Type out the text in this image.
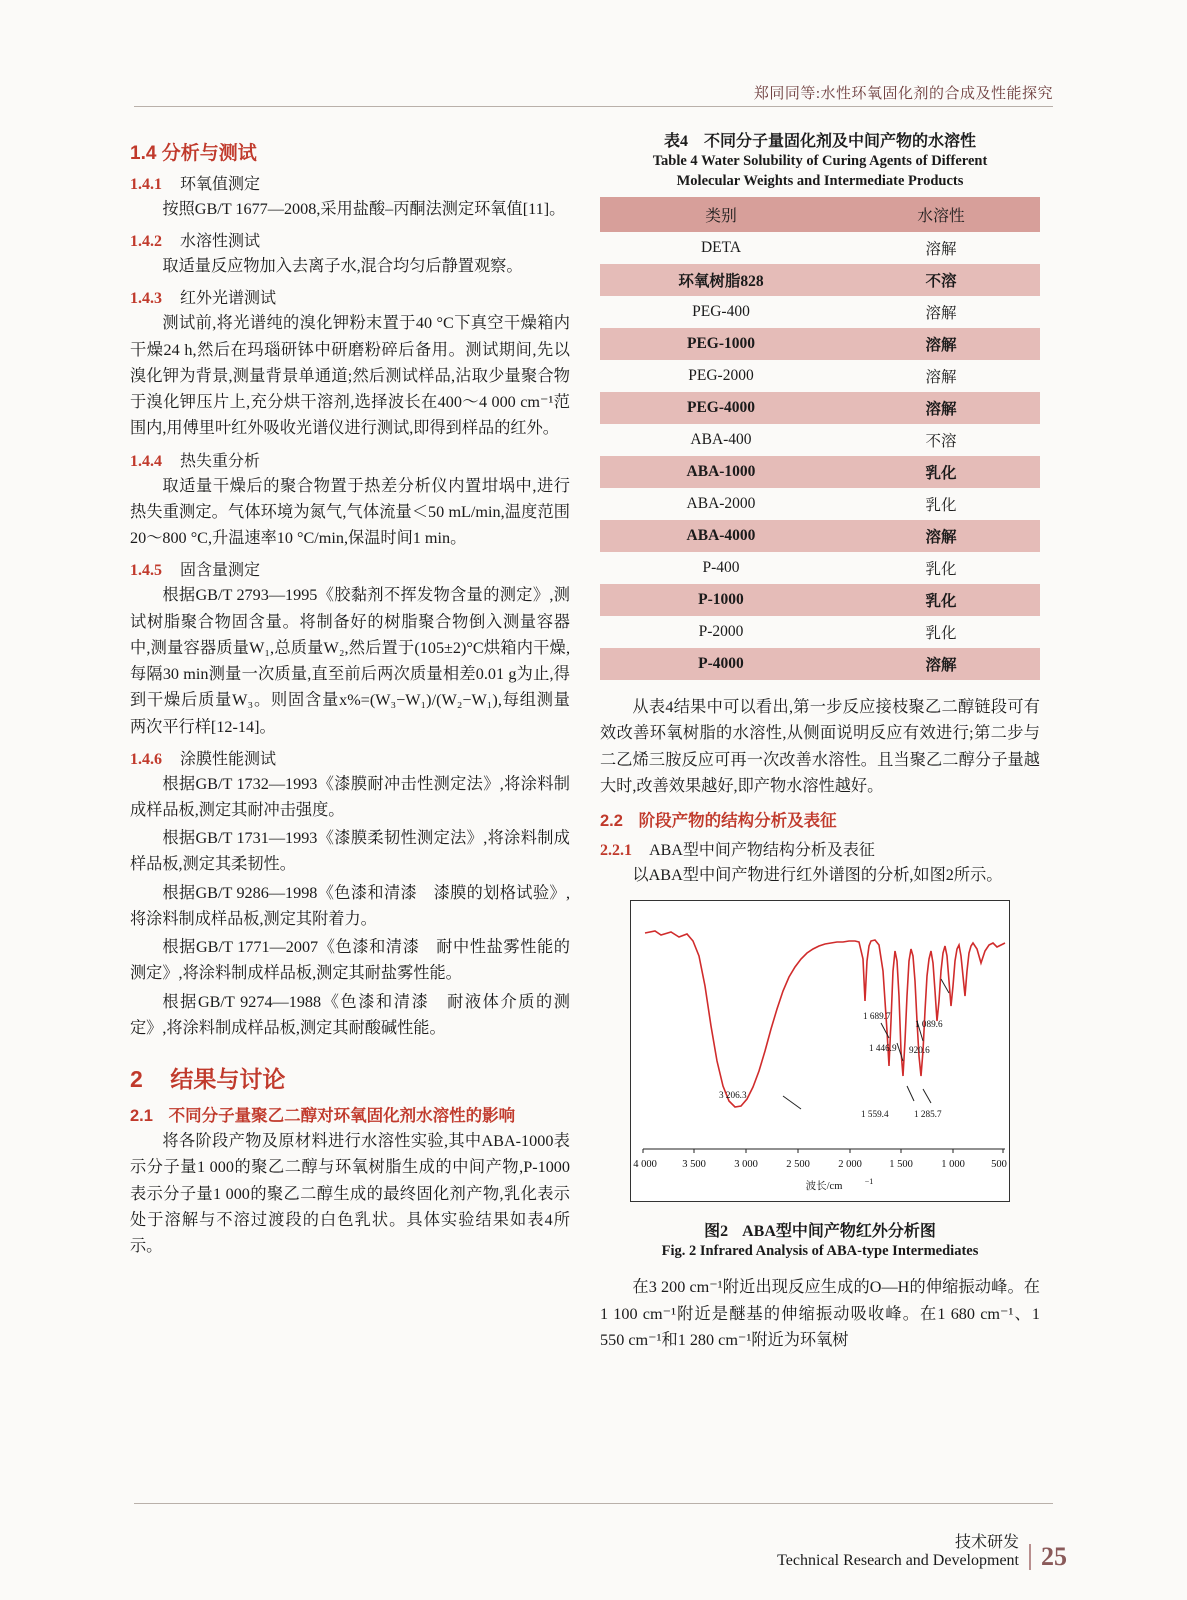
郑同同等:水性环氧固化剂的合成及性能探究
1.4 分析与测试
1.4.1 环氧值测定

按照GB/T 1677—2008,采用盐酸–丙酮法测定环氧值[11]。

1.4.2 水溶性测试

取适量反应物加入去离子水,混合均匀后静置观察。

1.4.3 红外光谱测试

测试前,将光谱纯的溴化钾粉末置于40 °C下真空干燥箱内干燥24 h,然后在玛瑙研钵中研磨粉碎后备用。测试期间,先以溴化钾为背景,测量背景单通道;然后测试样品,沾取少量聚合物于溴化钾压片上,充分烘干溶剂,选择波长在400～4 000 cm⁻¹范围内,用傅里叶红外吸收光谱仪进行测试,即得到样品的红外。

1.4.4 热失重分析

取适量干燥后的聚合物置于热差分析仪内置坩埚中,进行热失重测定。气体环境为氮气,气体流量＜50 mL/min,温度范围20～800 °C,升温速率10 °C/min,保温时间1 min。

1.4.5 固含量测定

根据GB/T 2793—1995《胶黏剂不挥发物含量的测定》,测试树脂聚合物固含量。将制备好的树脂聚合物倒入测量容器中,测量容器质量W₁,总质量W₂,然后置于(105±2)°C烘箱内干燥,每隔30 min测量一次质量,直至前后两次质量相差0.01 g为止,得到干燥后质量W₃。则固含量x%=(W₃−W₁)/(W₂−W₁),每组测量两次平行样[12-14]。

1.4.6 涂膜性能测试

根据GB/T 1732—1993《漆膜耐冲击性测定法》,将涂料制成样品板,测定其耐冲击强度。

根据GB/T 1731—1993《漆膜柔韧性测定法》,将涂料制成样品板,测定其柔韧性。

根据GB/T 9286—1998《色漆和清漆　漆膜的划格试验》,将涂料制成样品板,测定其附着力。

根据GB/T 1771—2007《色漆和清漆　耐中性盐雾性能的测定》,将涂料制成样品板,测定其耐盐雾性能。

根据GB/T 9274—1988《色漆和清漆　耐液体介质的测定》,将涂料制成样品板,测定其耐酸碱性能。

2 结果与讨论
2.1 不同分子量聚乙二醇对环氧固化剂水溶性的影响

将各阶段产物及原材料进行水溶性实验,其中ABA-1000表示分子量1 000的聚乙二醇与环氧树脂生成的中间产物,P-1000表示分子量1 000的聚乙二醇生成的最终固化剂产物,乳化表示处于溶解与不溶过渡段的白色乳状。具体实验结果如表4所示。

表4 不同分子量固化剂及中间产物的水溶性
Table 4 Water Solubility of Curing Agents of Different
Molecular Weights and Intermediate Products
类别	水溶性
DETA	溶解
环氧树脂828	不溶
PEG-400	溶解
PEG-1000	溶解
PEG-2000	溶解
PEG-4000	溶解
ABA-400	不溶
ABA-1000	乳化
ABA-2000	乳化
ABA-4000	溶解
P-400	乳化
P-1000	乳化
P-2000	乳化
P-4000	溶解

从表4结果中可以看出,第一步反应接枝聚乙二醇链段可有效改善环氧树脂的水溶性,从侧面说明反应有效进行;第二步与二乙烯三胺反应可再一次改善水溶性。且当聚乙二醇分子量越大时,改善效果越好,即产物水溶性越好。

2.2 阶段产物的结构分析及表征
2.2.1 ABA型中间产物结构分析及表征

以ABA型中间产物进行红外谱图的分析,如图2所示。

3 206.3
1 689.7
1 446.9 920.6
1 089.6
1 559.4	1 285.7
4 000 3 500	3 000	2 500	2 000	1 500	1 000	500
波长/cm	−1
图2 ABA型中间产物红外分析图
Fig. 2 Infrared Analysis of ABA-type Intermediates

在3 200 cm⁻¹附近出现反应生成的O—H的伸缩振动峰。在1 100 cm⁻¹附近是醚基的伸缩振动吸收峰。在1 680 cm⁻¹、1 550 cm⁻¹和1 280 cm⁻¹附近为环氧树

技术研发
Technical Research and Development 25
